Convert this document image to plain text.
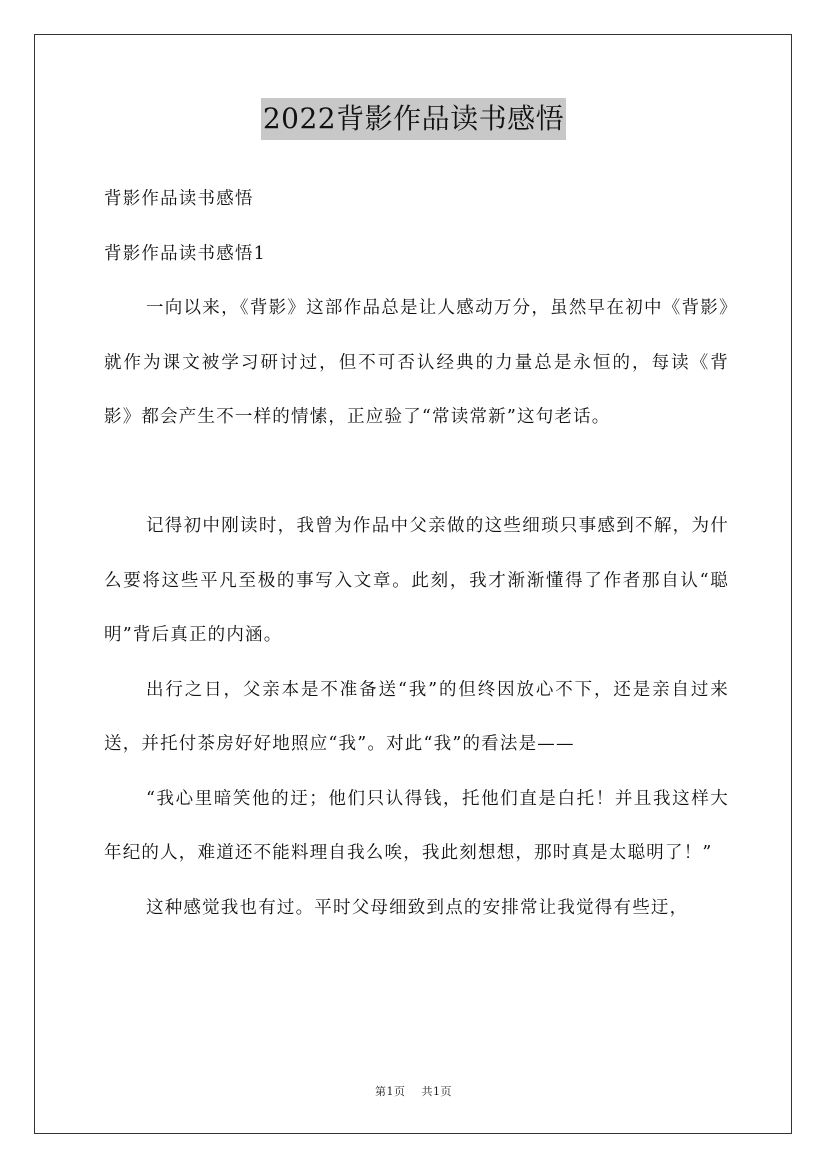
2022背影作品读书感悟

背影作品读书感悟

背影作品读书感悟1

一向以来，《背影》这部作品总是让人感动万分，虽然早在初中《背影》就作为课文被学习研讨过，但不可否认经典的力量总是永恒的，每读《背影》都会产生不一样的情愫，正应验了“常读常新”这句老话。

记得初中刚读时，我曾为作品中父亲做的这些细琐只事感到不解，为什么要将这些平凡至极的事写入文章。此刻，我才渐渐懂得了作者那自认“聪明”背后真正的内涵。

出行之日，父亲本是不准备送“我”的但终因放心不下，还是亲自过来送，并托付茶房好好地照应“我”。对此“我”的看法是——

“我心里暗笑他的迂；他们只认得钱，托他们直是白托！并且我这样大年纪的人，难道还不能料理自我么唉，我此刻想想，那时真是太聪明了！”

这种感觉我也有过。平时父母细致到点的安排常让我觉得有些迂，

第1页 共1页
